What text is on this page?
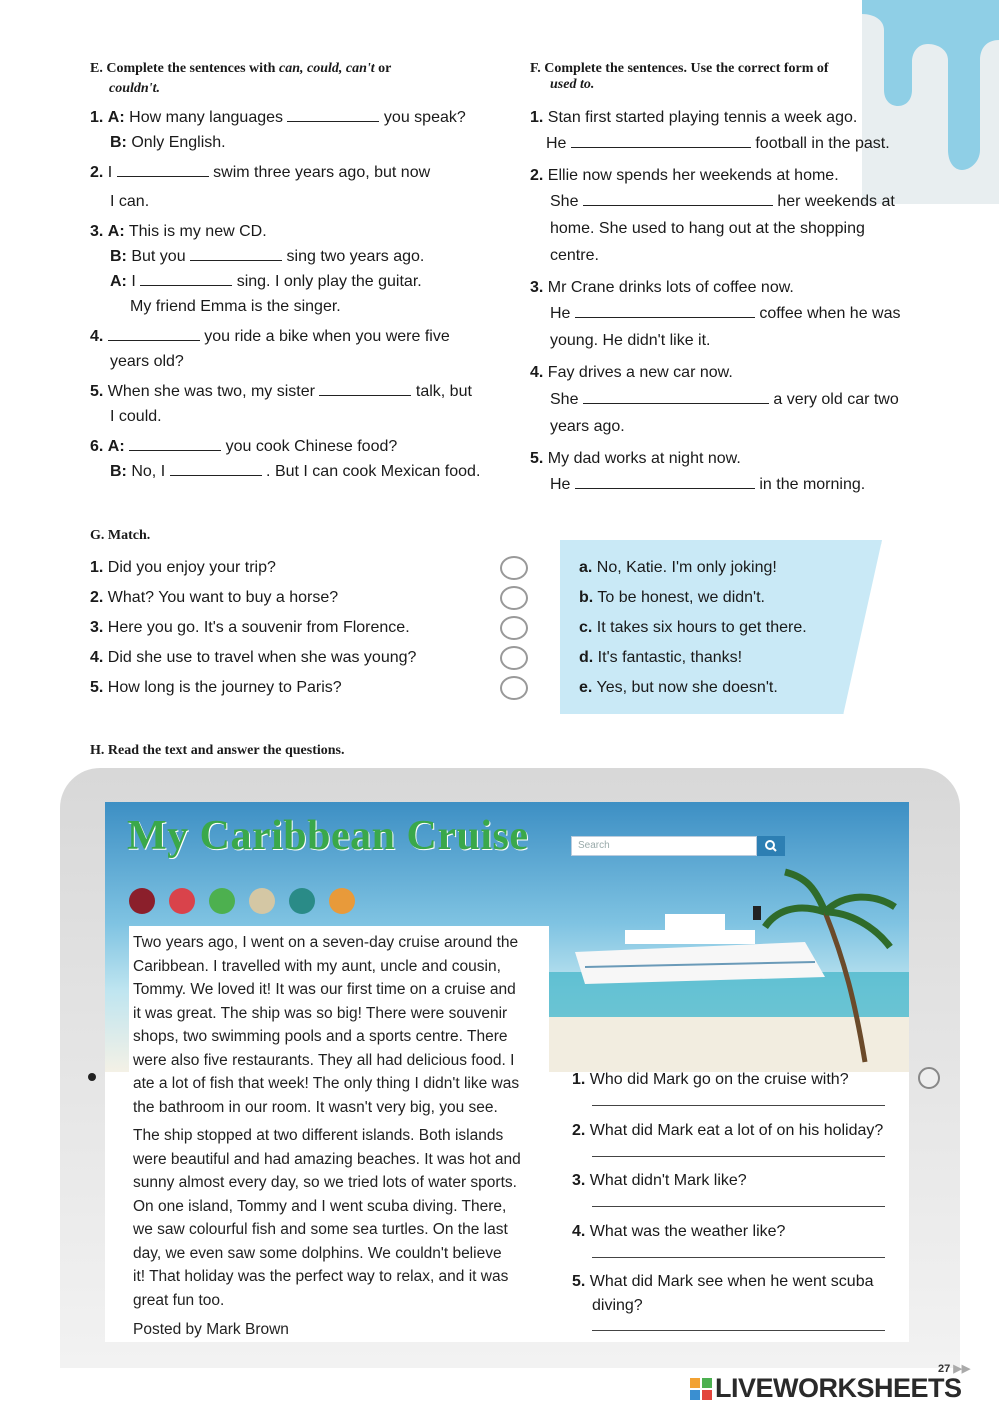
E. Complete the sentences with can, could, can't or
couldn't.
1. A: How many languages	you speak?
B: Only English.
2. I	swim three years ago, but now
I can.
3. A: This is my new CD.
B: But you	sing two years ago.
A: I	sing. I only play the guitar.
My friend Emma is the singer.
4.	you ride a bike when you were five
years old?
5. When she was two, my sister	talk, but
I could.
6. A:	you cook Chinese food?
B: No, I	. But I can cook Mexican food.
F. Complete the sentences. Use the correct form of
used to.
1. Stan first started playing tennis a week ago.
He	football in the past.
2. Ellie now spends her weekends at home.
She	her weekends at
home. She used to hang out at the shopping
centre.
3. Mr Crane drinks lots of coffee now.
He	coffee when he was
young. He didn't like it.
4. Fay drives a new car now.
She	a very old car two
years ago.
5. My dad works at night now.
He	in the morning.
G. Match.
1. Did you enjoy your trip?
2. What? You want to buy a horse?
3. Here you go. It's a souvenir from Florence.
4. Did she use to travel when she was young?
5. How long is the journey to Paris?
a. No, Katie. I'm only joking!
b. To be honest, we didn't.
c. It takes six hours to get there.
d. It's fantastic, thanks!
e. Yes, but now she doesn't.
H. Read the text and answer the questions.
My Caribbean Cruise	Search
Two years ago, I went on a seven-day cruise around the
Caribbean. I travelled with my aunt, uncle and cousin,
Tommy. We loved it! It was our first time on a cruise and
it was great. The ship was so big! There were souvenir
shops, two swimming pools and a sports centre. There
were also five restaurants. They all had delicious food. I
ate a lot of fish that week! The only thing I didn't like was
the bathroom in our room. It wasn't very big, you see.
The ship stopped at two different islands. Both islands
were beautiful and had amazing beaches. It was hot and
sunny almost every day, so we tried lots of water sports.
On one island, Tommy and I went scuba diving. There,
we saw colourful fish and some sea turtles. On the last
day, we even saw some dolphins. We couldn't believe
it! That holiday was the perfect way to relax, and it was
great fun too.
Posted by Mark Brown
1. Who did Mark go on the cruise with?
2. What did Mark eat a lot of on his holiday?
3. What didn't Mark like?
4. What was the weather like?
5. What did Mark see when he went scuba
diving?
27 ▶▶
LIVEWORKSHEETS
